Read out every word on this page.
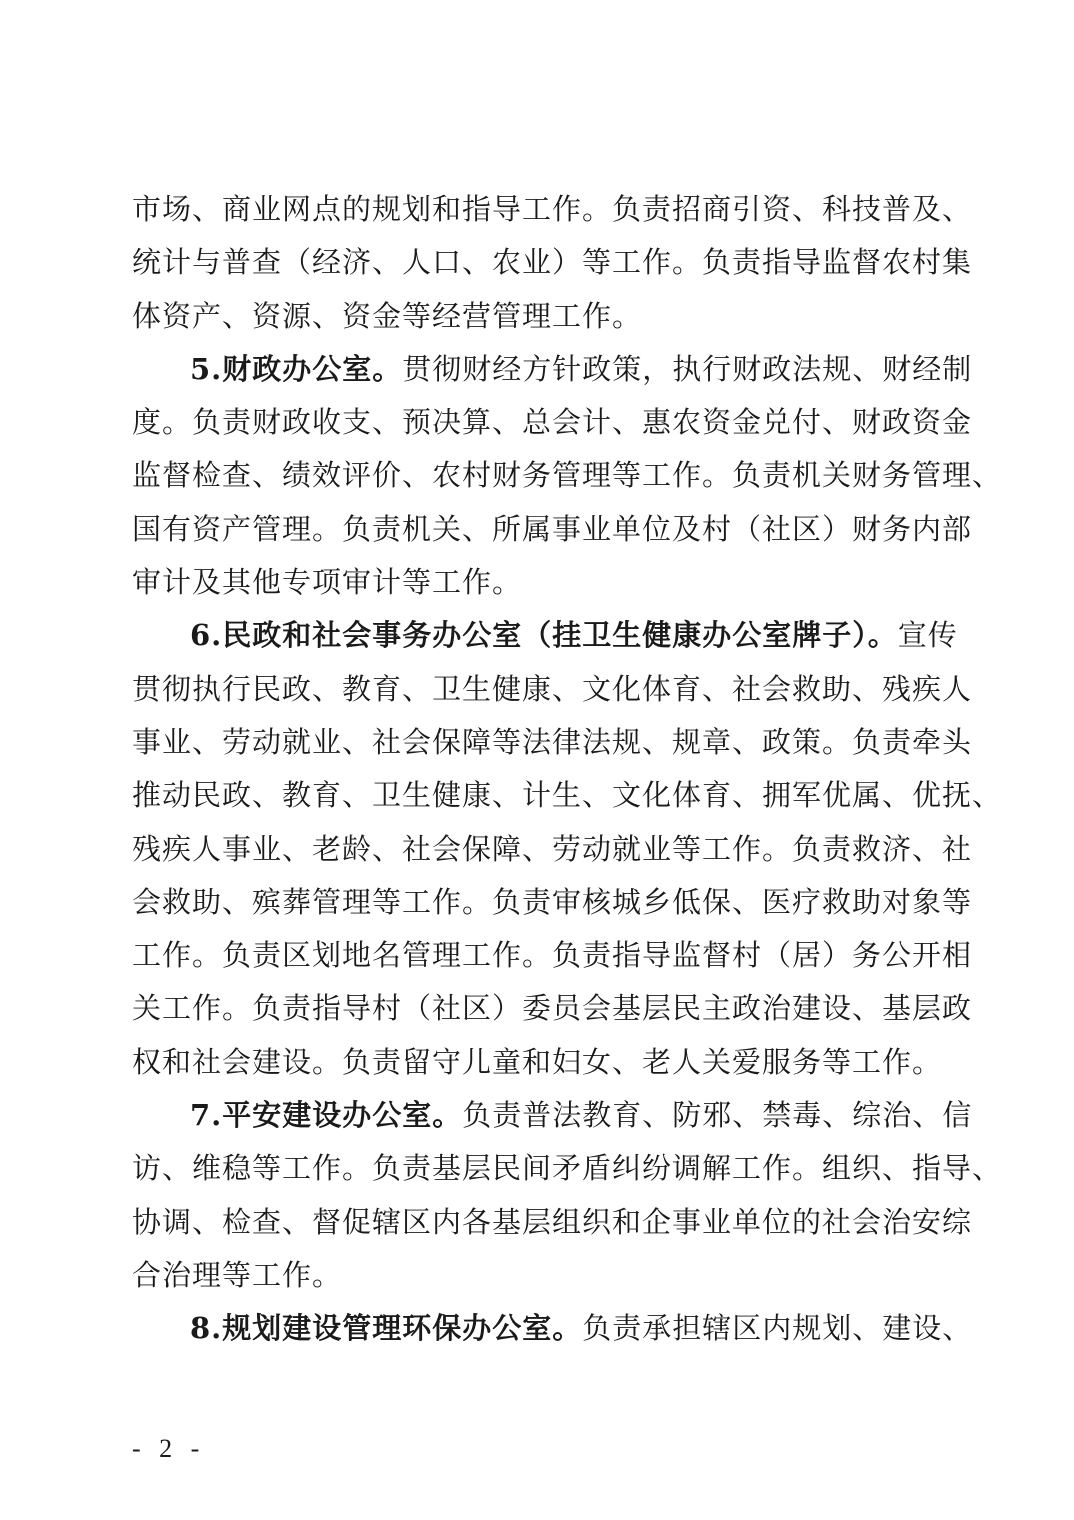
市场、商业网点的规划和指导工作。负责招商引资、科技普及、
统计与普查（经济、人口、农业）等工作。负责指导监督农村集
体资产、资源、资金等经营管理工作。
5.财政办公室。贯彻财经方针政策，执行财政法规、财经制
度。负责财政收支、预决算、总会计、惠农资金兑付、财政资金
监督检查、绩效评价、农村财务管理等工作。负责机关财务管理、
国有资产管理。负责机关、所属事业单位及村（社区）财务内部
审计及其他专项审计等工作。
6.民政和社会事务办公室（挂卫生健康办公室牌子）。宣传
贯彻执行民政、教育、卫生健康、文化体育、社会救助、残疾人
事业、劳动就业、社会保障等法律法规、规章、政策。负责牵头
推动民政、教育、卫生健康、计生、文化体育、拥军优属、优抚、
残疾人事业、老龄、社会保障、劳动就业等工作。负责救济、社
会救助、殡葬管理等工作。负责审核城乡低保、医疗救助对象等
工作。负责区划地名管理工作。负责指导监督村（居）务公开相
关工作。负责指导村（社区）委员会基层民主政治建设、基层政
权和社会建设。负责留守儿童和妇女、老人关爱服务等工作。
7.平安建设办公室。负责普法教育、防邪、禁毒、综治、信
访、维稳等工作。负责基层民间矛盾纠纷调解工作。组织、指导、
协调、检查、督促辖区内各基层组织和企事业单位的社会治安综
合治理等工作。
8.规划建设管理环保办公室。负责承担辖区内规划、建设、
- 2 -
